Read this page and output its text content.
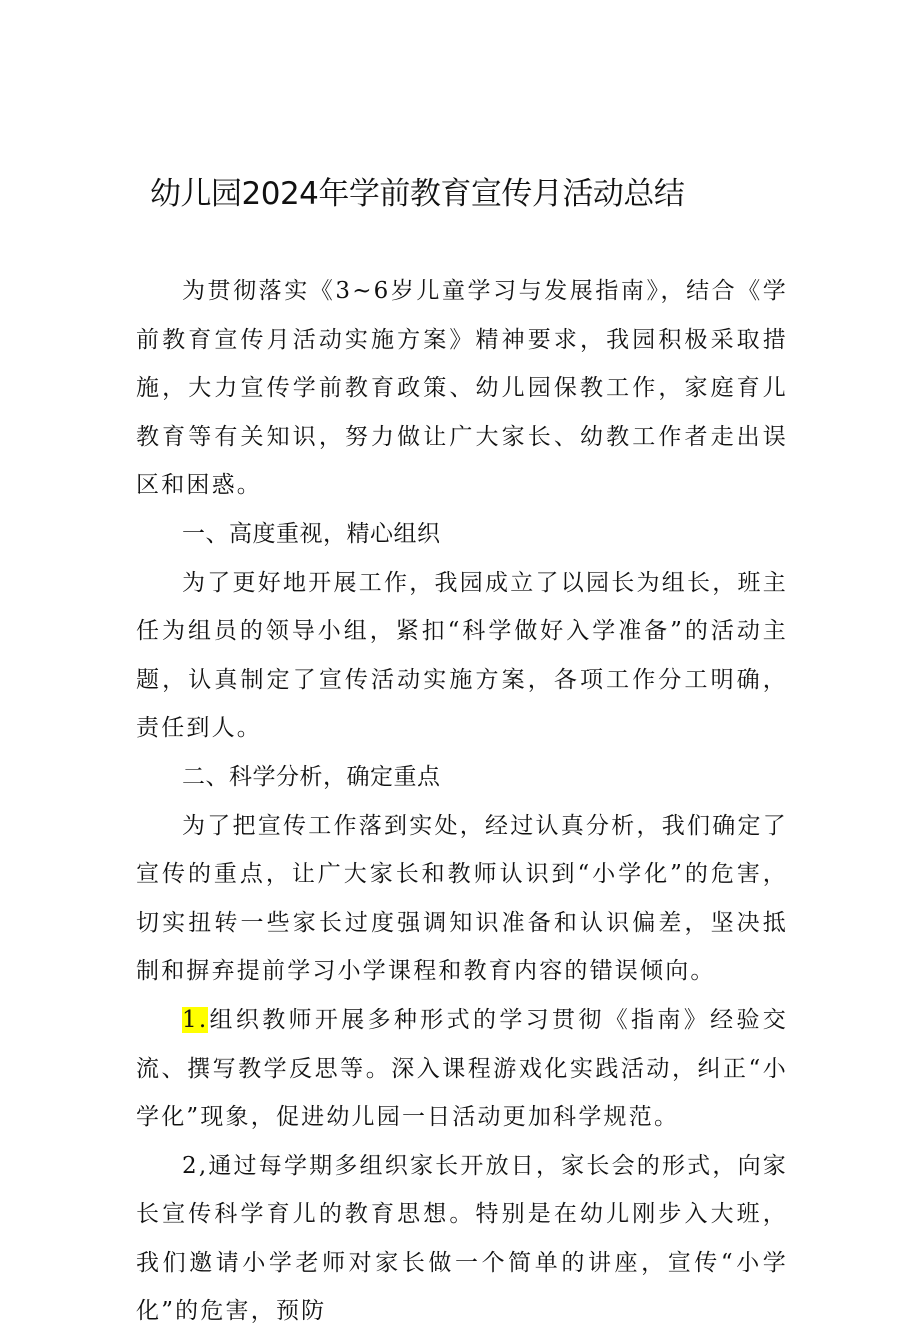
幼儿园2024年学前教育宣传月活动总结

为贯彻落实《3~6岁儿童学习与发展指南》，结合《学前教育宣传月活动实施方案》精神要求，我园积极采取措施，大力宣传学前教育政策、幼儿园保教工作，家庭育儿教育等有关知识，努力做让广大家长、幼教工作者走出误区和困惑。

一、高度重视，精心组织

为了更好地开展工作，我园成立了以园长为组长，班主任为组员的领导小组，紧扣“科学做好入学准备”的活动主题，认真制定了宣传活动实施方案，各项工作分工明确，责任到人。

二、科学分析，确定重点

为了把宣传工作落到实处，经过认真分析，我们确定了宣传的重点，让广大家长和教师认识到“小学化”的危害，切实扭转一些家长过度强调知识准备和认识偏差，坚决抵制和摒弃提前学习小学课程和教育内容的错误倾向。

1.组织教师开展多种形式的学习贯彻《指南》经验交流、撰写教学反思等。深入课程游戏化实践活动，纠正“小学化”现象，促进幼儿园一日活动更加科学规范。

2,通过每学期多组织家长开放日，家长会的形式，向家长宣传科学育儿的教育思想。特别是在幼儿刚步入大班，我们邀请小学老师对家长做一个简单的讲座，宣传“小学化”的危害，预防
